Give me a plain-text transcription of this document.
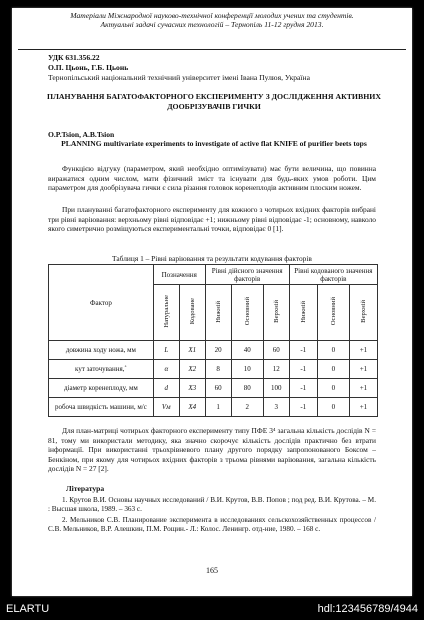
Матеріали Міжнародної науково-технічної конференції молодих учених та студентів.
Актуальні задачі сучасних технологій – Тернопіль 11-12 грудня 2013.
УДК 631.356.22
О.П. Цьонь, Г.Б. Цьонь
Тернопільський національний технічний університет імені Івана Пулюя, Україна
ПЛАНУВАННЯ БАГАТОФАКТОРНОГО ЕКСПЕРИМЕНТУ З ДОСЛІДЖЕННЯ АКТИВНИХ ДООБРІЗУВАЧІВ ГИЧКИ
O.P.Tsion, A.B.Tsion
PLANNING multivariate experiments to investigate of active flat KNIFE of purifier beets tops
Функцією відгуку (параметром, який необхідно оптимізувати) має бути величина, що повинна виражатися одним числом, мати фізичний зміст та існувати для будь-яких умов роботи. Цим параметром для дообрізувача гички є сила різання головок коренеплодів активним плоским ножем.
При плануванні багатофакторного експерименту для кожного з чотирьох вхідних факторів вибрані три рівні варіювання: верхньому рівні відповідає +1; нижньому рівні відповідає -1; основному, навколо якого симетрично розміщуються експериментальні точки, відповідає 0 [1].
Таблиця 1 – Рівні варіювання та результати кодування факторів
Фактор	Позначення		Рівні дійсного значення факторів			Рівні кодованого значення факторів		
	Натуральне	Кодоване	Нижній	Основний	Верхній	Нижній	Основний	Верхній
довжина ходу ножа, мм	L	X1	20	40	60	-1	0	+1
кут заточування,˚	α	X2	8	10	12	-1	0	+1
діаметр коренеплоду, мм	d	X3	60	80	100	-1	0	+1
робоча швидкість машини, м/с	Vм	X4	1	2	3	-1	0	+1
Для план-матриці чотирьох факторного експерименту типу ПФЕ 3⁴ загальна кількість дослідів N = 81, тому ми використали методику, яка значно скорочує кількість дослідів практично без втрати інформації. При використанні трьохрівневого плану другого порядку запропонованого Боксом – Бенкіном, при якому для чотирьох вхідних факторів з трьома рівнями варіювання, загальна кількість дослідів N = 27 [2].
Література

1. Крутов В.И. Основы научных исследований / В.И. Крутов, В.В. Попов ; под ред. В.И. Крутова. – М. : Высшая школа, 1989. – 363 с.

2. Мельников С.В. Планирование эксперимента в исследованиях сельскохозяйственных процессов / С.В. Мельников, В.Р. Алешкин, П.М. Рощин.- Л.: Колос. Ленингр. отд-ние, 1980. – 168 с.

165
ELARTU	hdl:123456789/4944
